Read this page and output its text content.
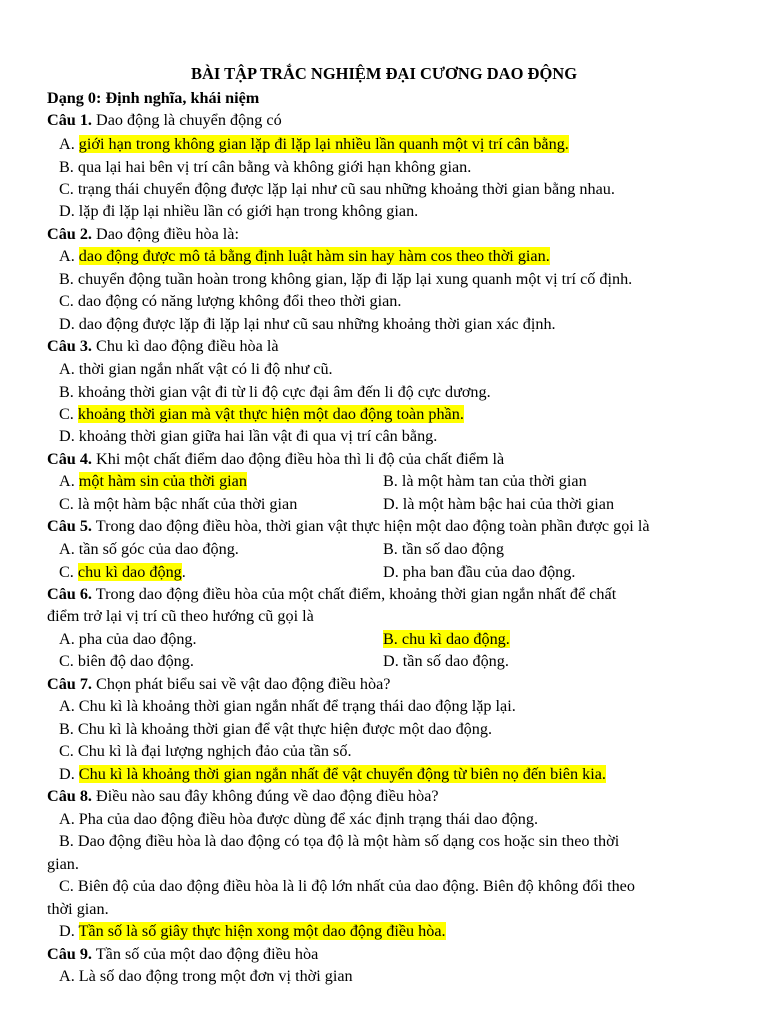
BÀI TẬP TRẮC NGHIỆM ĐẠI CƯƠNG DAO ĐỘNG
Dạng 0: Định nghĩa, khái niệm
Câu 1. Dao động là chuyển động có
A. giới hạn trong không gian lặp đi lặp lại nhiều lần quanh một vị trí cân bằng.
B. qua lại hai bên vị trí cân bằng và không giới hạn không gian.
C. trạng thái chuyển động được lặp lại như cũ sau những khoảng thời gian bằng nhau.
D. lặp đi lặp lại nhiều lần có giới hạn trong không gian.
Câu 2. Dao động điều hòa là:
A. dao động được mô tả bằng định luật hàm sin hay hàm cos theo thời gian.
B. chuyển động tuần hoàn trong không gian, lặp đi lặp lại xung quanh một vị trí cố định.
C. dao động có năng lượng không đổi theo thời gian.
D. dao động được lặp đi lặp lại như cũ sau những khoảng thời gian xác định.
Câu 3. Chu kì dao động điều hòa là
A. thời gian ngắn nhất vật có li độ như cũ.
B. khoảng thời gian vật đi từ li độ cực đại âm đến li độ cực dương.
C. khoảng thời gian mà vật thực hiện một dao động toàn phần.
D. khoảng thời gian giữa hai lần vật đi qua vị trí cân bằng.
Câu 4. Khi một chất điểm dao động điều hòa thì li độ của chất điểm là
A. một hàm sin của thời gian	B. là một hàm tan của thời gian
C. là một hàm bậc nhất của thời gian	D. là một hàm bậc hai của thời gian
Câu 5. Trong dao động điều hòa, thời gian vật thực hiện một dao động toàn phần được gọi là
A. tần số góc của dao động.	B. tần số dao động
C. chu kì dao động.	D. pha ban đầu của dao động.
Câu 6. Trong dao động điều hòa của một chất điểm, khoảng thời gian ngắn nhất để chất
điểm trở lại vị trí cũ theo hướng cũ gọi là
A. pha của dao động.	B. chu kì dao động.
C. biên độ dao động.	D. tần số dao động.
Câu 7. Chọn phát biểu sai về vật dao động điều hòa?
A. Chu kì là khoảng thời gian ngắn nhất để trạng thái dao động lặp lại.
B. Chu kì là khoảng thời gian để vật thực hiện được một dao động.
C. Chu kì là đại lượng nghịch đảo của tần số.
D. Chu kì là khoảng thời gian ngắn nhất để vật chuyển động từ biên nọ đến biên kia.
Câu 8. Điều nào sau đây không đúng về dao động điều hòa?
A. Pha của dao động điều hòa được dùng để xác định trạng thái dao động.
B. Dao động điều hòa là dao động có tọa độ là một hàm số dạng cos hoặc sin theo thời
gian.
C. Biên độ của dao động điều hòa là li độ lớn nhất của dao động. Biên độ không đổi theo
thời gian.
D. Tần số là số giây thực hiện xong một dao động điều hòa.
Câu 9. Tần số của một dao động điều hòa
A. Là số dao động trong một đơn vị thời gian
